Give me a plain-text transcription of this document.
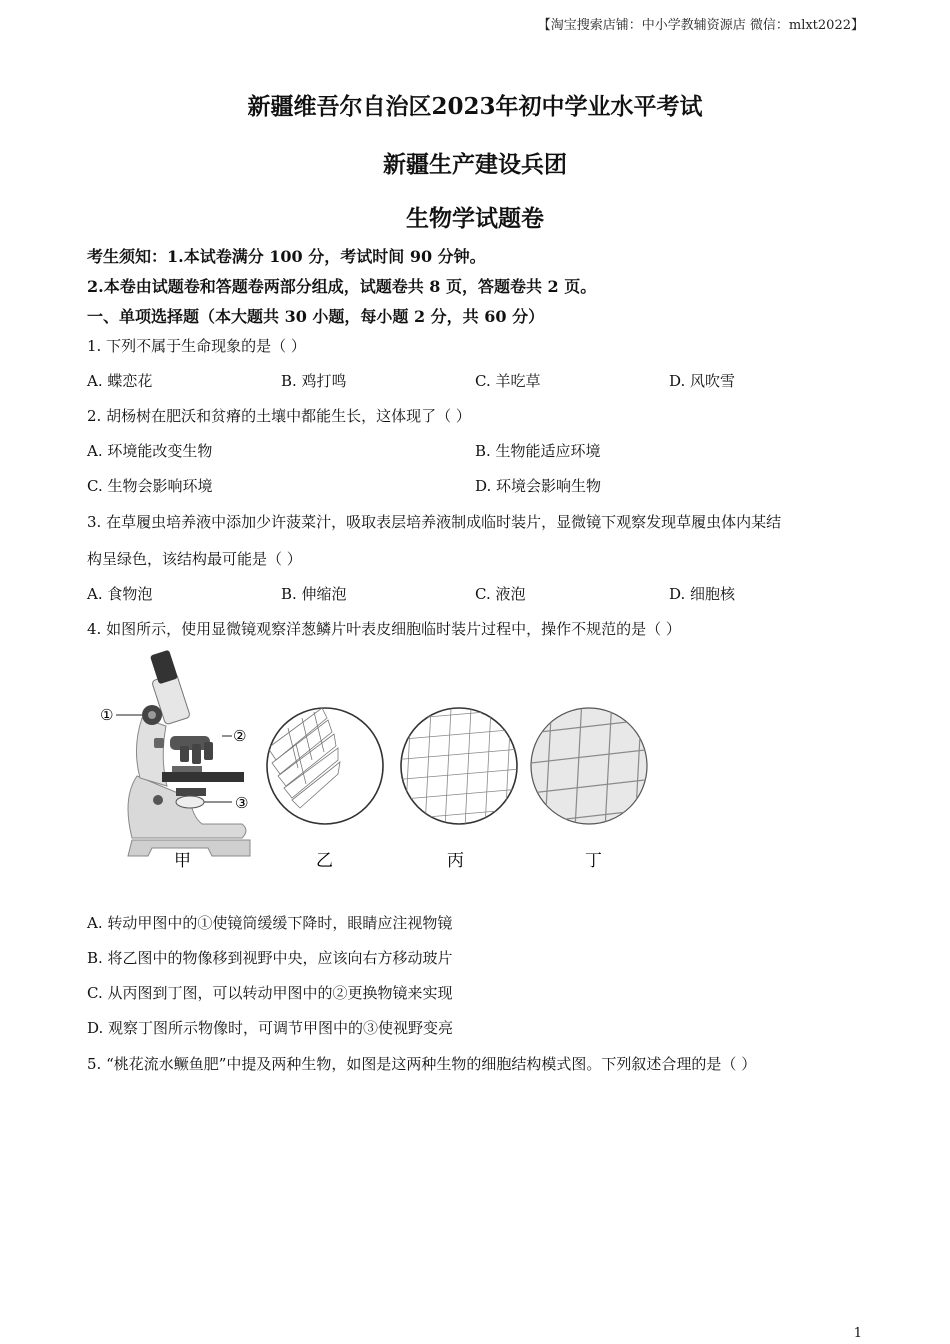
【淘宝搜索店铺：中小学教辅资源店 微信：mlxt2022】
新疆维吾尔自治区2023年初中学业水平考试
新疆生产建设兵团
生物学试题卷
考生须知：1.本试卷满分 100 分，考试时间 90 分钟。
2.本卷由试题卷和答题卷两部分组成，试题卷共 8 页，答题卷共 2 页。
一、单项选择题（本大题共 30 小题，每小题 2 分，共 60 分）
1. 下列不属于生命现象的是（ ）
A. 蝶恋花	B. 鸡打鸣	C. 羊吃草	D. 风吹雪
2. 胡杨树在肥沃和贫瘠的土壤中都能生长，这体现了（ ）
A. 环境能改变生物	B. 生物能适应环境
C. 生物会影响环境	D. 环境会影响生物
3. 在草履虫培养液中添加少许菠菜汁，吸取表层培养液制成临时装片，显微镜下观察发现草履虫体内某结
构呈绿色，该结构最可能是（ ）
A. 食物泡	B. 伸缩泡	C. 液泡	D. 细胞核
4. 如图所示，使用显微镜观察洋葱鳞片叶表皮细胞临时装片过程中，操作不规范的是（ ）
①
②
③
甲	乙	丙	丁
A. 转动甲图中的①使镜筒缓缓下降时，眼睛应注视物镜
B. 将乙图中的物像移到视野中央，应该向右方移动玻片
C. 从丙图到丁图，可以转动甲图中的②更换物镜来实现
D. 观察丁图所示物像时，可调节甲图中的③使视野变亮
5. “桃花流水鳜鱼肥”中提及两种生物，如图是这两种生物的细胞结构模式图。下列叙述合理的是（ ）
1
